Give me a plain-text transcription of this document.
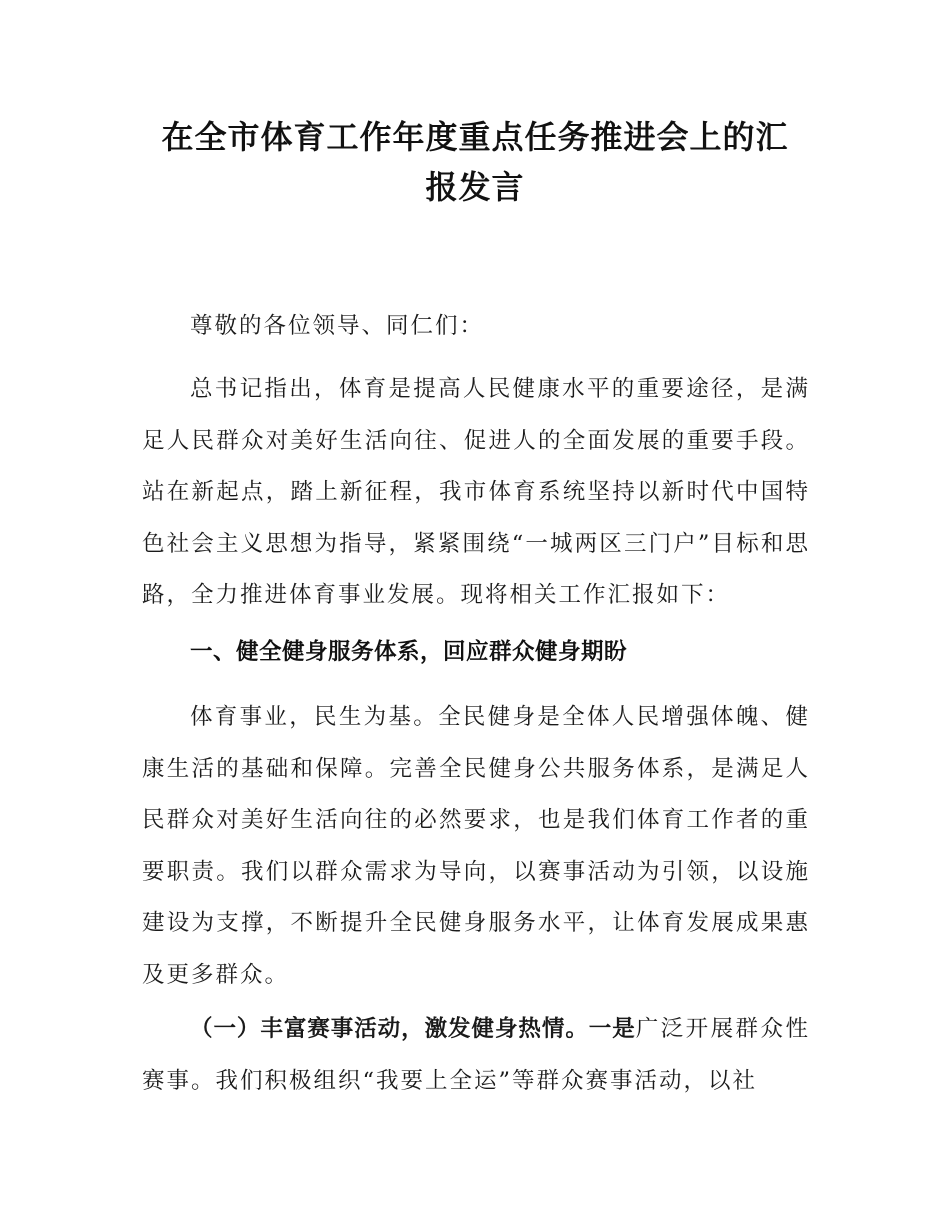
在全市体育工作年度重点任务推进会上的汇
报发言
尊敬的各位领导、同仁们：
总书记指出，体育是提高人民健康水平的重要途径，是满足人民群众对美好生活向往、促进人的全面发展的重要手段。站在新起点，踏上新征程，我市体育系统坚持以新时代中国特色社会主义思想为指导，紧紧围绕“一城两区三门户”目标和思路，全力推进体育事业发展。现将相关工作汇报如下：
一、健全健身服务体系，回应群众健身期盼
体育事业，民生为基。全民健身是全体人民增强体魄、健康生活的基础和保障。完善全民健身公共服务体系，是满足人民群众对美好生活向往的必然要求，也是我们体育工作者的重要职责。我们以群众需求为导向，以赛事活动为引领，以设施建设为支撑，不断提升全民健身服务水平，让体育发展成果惠及更多群众。
（一）丰富赛事活动，激发健身热情。一是广泛开展群众性赛事。我们积极组织“我要上全运”等群众赛事活动，以社
